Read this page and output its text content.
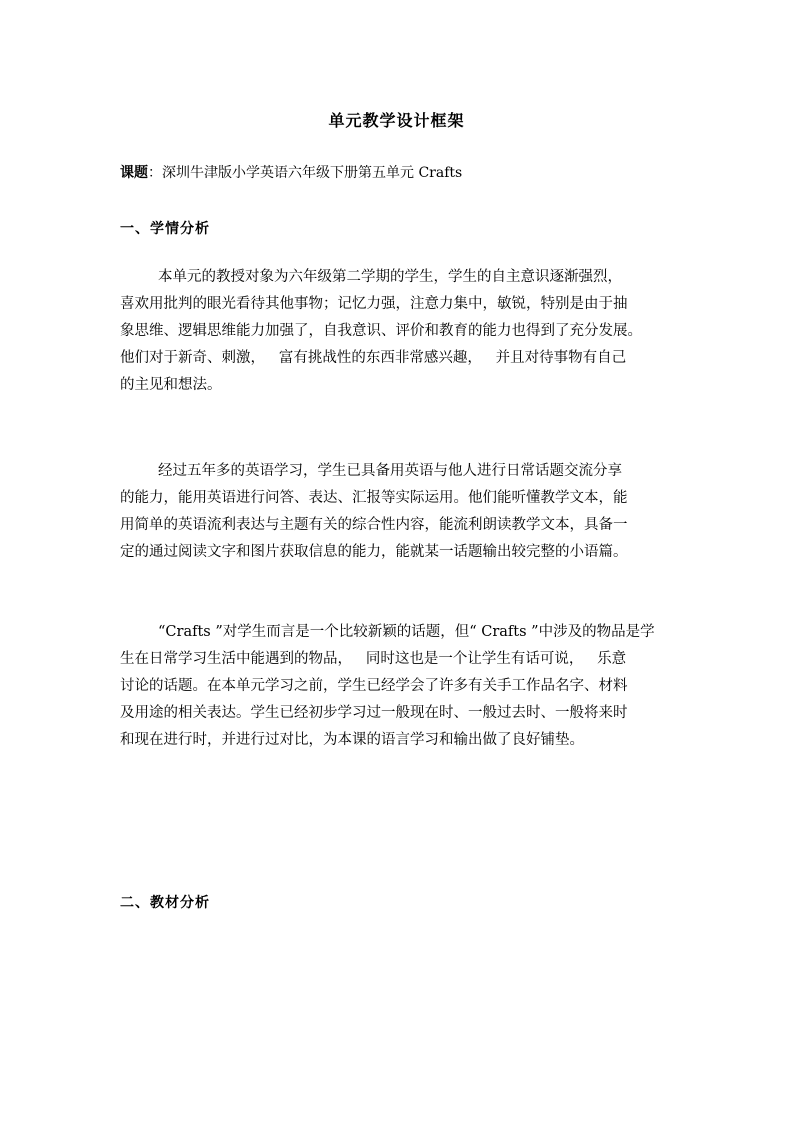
单元教学设计框架
课题：深圳牛津版小学英语六年级下册第五单元 Crafts
一、学情分析
本单元的教授对象为六年级第二学期的学生，学生的自主意识逐渐强烈，
喜欢用批判的眼光看待其他事物；记忆力强，注意力集中，敏锐，特别是由于抽
象思维、逻辑思维能力加强了，自我意识、评价和教育的能力也得到了充分发展。
他们对于新奇、刺激，   富有挑战性的东西非常感兴趣，   并且对待事物有自己
的主见和想法。
经过五年多的英语学习，学生已具备用英语与他人进行日常话题交流分享
的能力，能用英语进行问答、表达、汇报等实际运用。他们能听懂教学文本，能
用简单的英语流利表达与主题有关的综合性内容，能流利朗读教学文本，具备一
定的通过阅读文字和图片获取信息的能力，能就某一话题输出较完整的小语篇。
“Crafts ”对学生而言是一个比较新颖的话题，但“ Crafts ”中涉及的物品是学
生在日常学习生活中能遇到的物品，   同时这也是一个让学生有话可说，   乐意
讨论的话题。在本单元学习之前，学生已经学会了许多有关手工作品名字、材料
及用途的相关表达。学生已经初步学习过一般现在时、一般过去时、一般将来时
和现在进行时，并进行过对比，为本课的语言学习和输出做了良好铺垫。
二、教材分析
